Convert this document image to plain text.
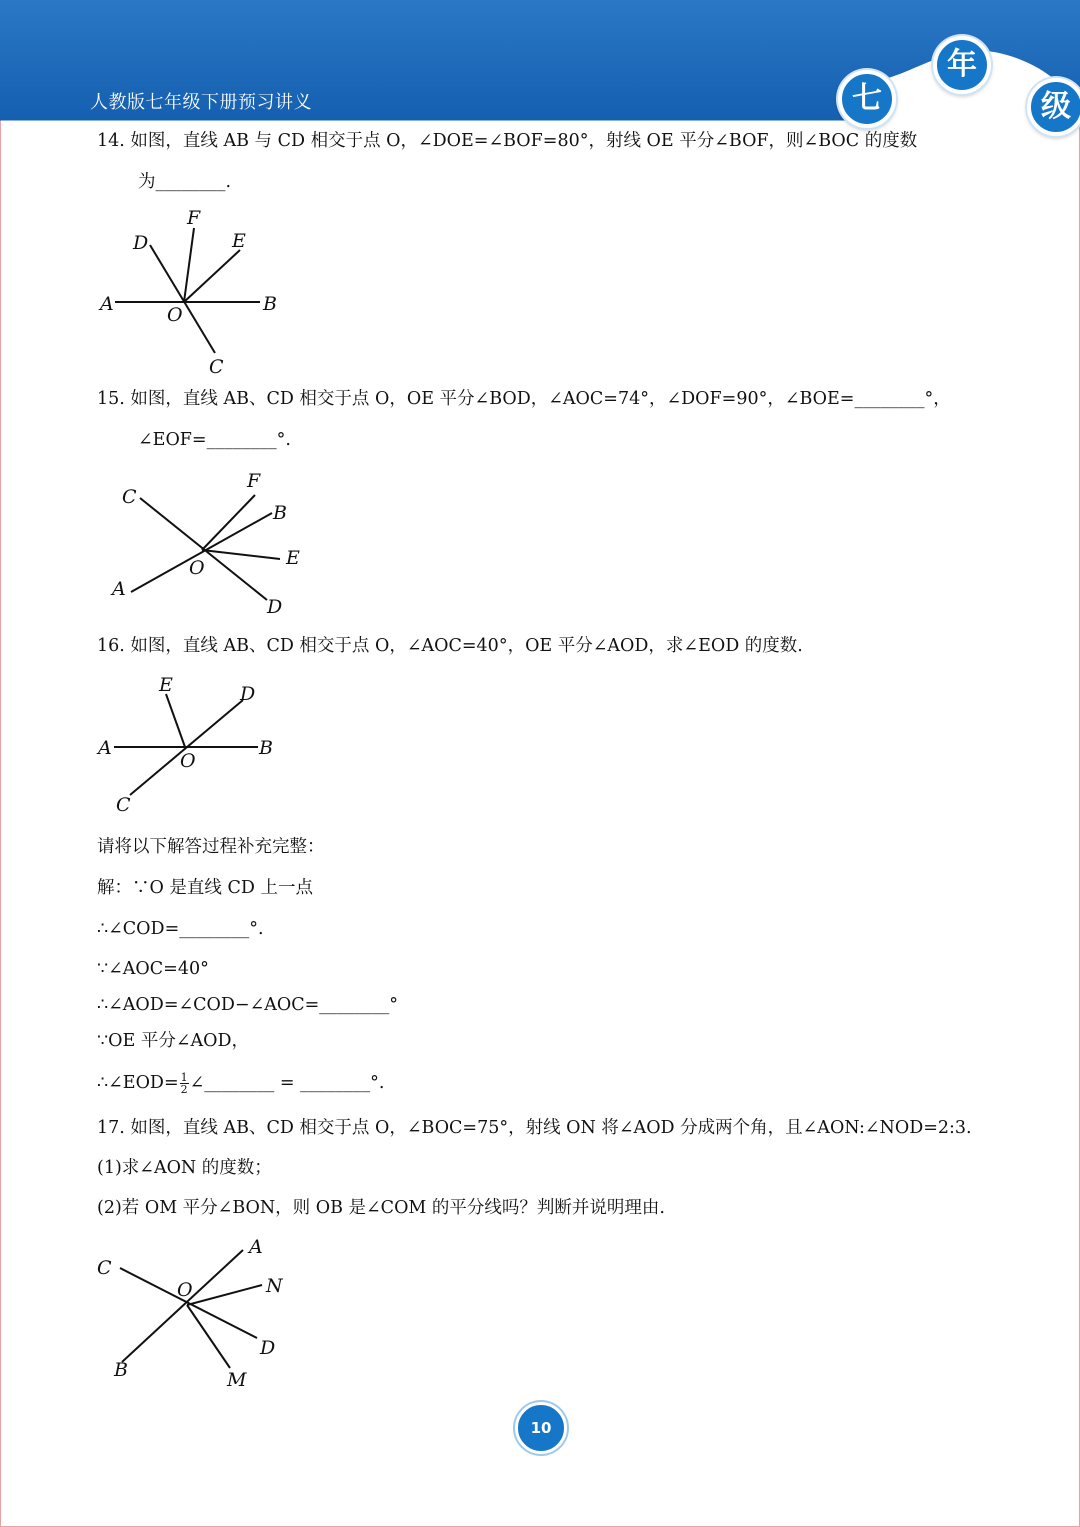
人教版七年级下册预习讲义	七
年
级
14. 如图，直线 AB 与 CD 相交于点 O，∠DOE=∠BOF=80°，射线 OE 平分∠BOF，则∠BOC 的度数
为________.
A	B
C
D	E
F
O
15. 如图，直线 AB、CD 相交于点 O，OE 平分∠BOD，∠AOC=74°，∠DOF=90°，∠BOE=________°，
∠EOF=________°.
A
B
C
D
E
F
O
16. 如图，直线 AB、CD 相交于点 O，∠AOC=40°，OE 平分∠AOD，求∠EOD 的度数.
A	B
C
D
E
O
请将以下解答过程补充完整：
解：∵O 是直线 CD 上一点
∴∠COD=________°.
∵∠AOC=40°
∴∠AOD=∠COD−∠AOC=________°
∵OE 平分∠AOD，
∴∠EOD= $\frac{1}{2}$ ∠________ = ________°.
17. 如图，直线 AB、CD 相交于点 O，∠BOC=75°，射线 ON 将∠AOD 分成两个角，且∠AON:∠NOD=2:3.
(1)求∠AON 的度数；
(2)若 OM 平分∠BON，则 OB 是∠COM 的平分线吗？判断并说明理由.
B
A
C
D
M
N
O
10
